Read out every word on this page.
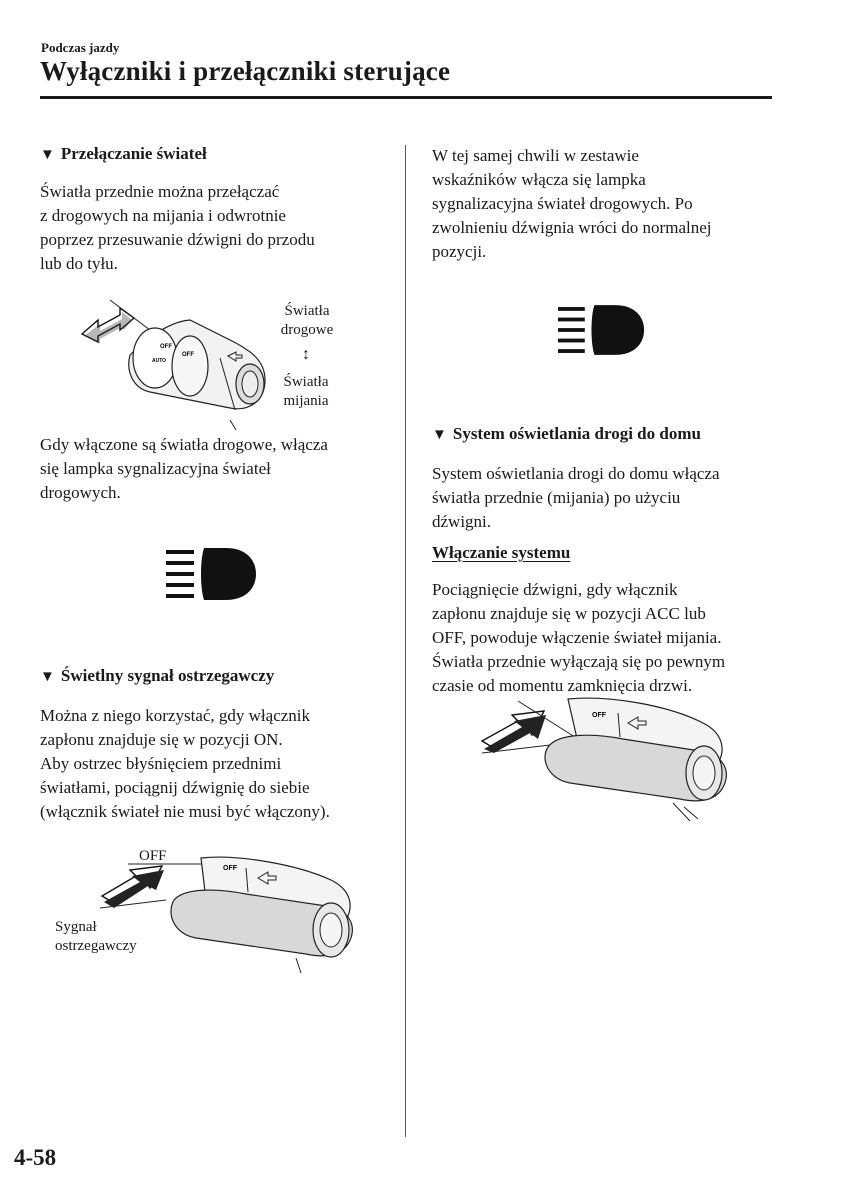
Podczas jazdy
Wyłączniki i przełączniki sterujące
▼ Przełączanie świateł
Światła przednie można przełączać
z drogowych na mijania i odwrotnie
poprzez przesuwanie dźwigni do przodu
lub do tyłu.
OFF
AUTO
OFF
Światła
drogowe
↕
Światła
mijania
Gdy włączone są światła drogowe, włącza
się lampka sygnalizacyjna świateł
drogowych.
▼ Świetlny sygnał ostrzegawczy
Można z niego korzystać, gdy włącznik
zapłonu znajduje się w pozycji ON.
Aby ostrzec błyśnięciem przednimi
światłami, pociągnij dźwignię do siebie
(włącznik świateł nie musi być włączony).
OFF
OFF
Sygnał
ostrzegawczy
W tej samej chwili w zestawie
wskaźników włącza się lampka
sygnalizacyjna świateł drogowych. Po
zwolnieniu dźwignia wróci do normalnej
pozycji.
▼ System oświetlania drogi do domu
System oświetlania drogi do domu włącza
światła przednie (mijania) po użyciu
dźwigni.
Włączanie systemu
Pociągnięcie dźwigni, gdy włącznik
zapłonu znajduje się w pozycji ACC lub
OFF, powoduje włączenie świateł mijania.
Światła przednie wyłączają się po pewnym
czasie od momentu zamknięcia drzwi.
OFF
4-58
